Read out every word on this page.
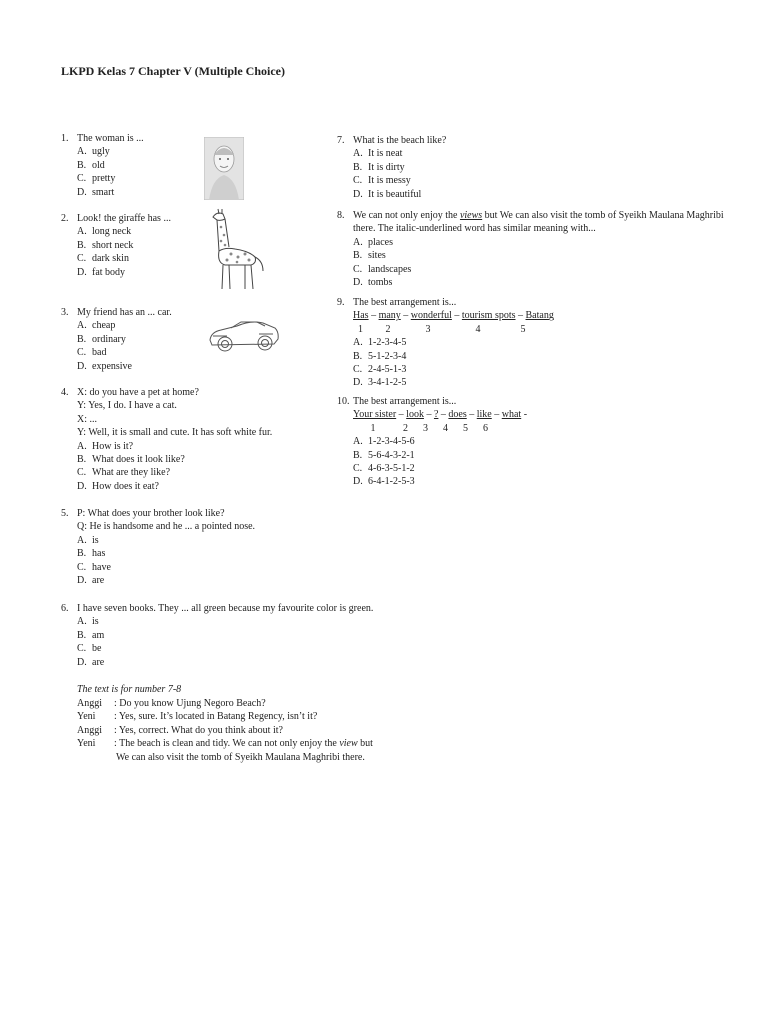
LKPD Kelas 7 Chapter V (Multiple Choice)
1. The woman is ...
A. ugly
B. old
C. pretty
D. smart
2. Look! the giraffe has ...
A. long neck
B. short neck
C. dark skin
D. fat body
3. My friend has an ... car.
A. cheap
B. ordinary
C. bad
D. expensive
4. X: do you have a pet at home?
Y: Yes, I do. I have a cat.
X: ...
Y: Well, it is small and cute. It has soft white fur.
A. How is it?
B. What does it look like?
C. What are they like?
D. How does it eat?
5. P: What does your brother look like?
Q: He is handsome and he ... a pointed nose.
A. is
B. has
C. have
D. are
6. I have seven books. They ... all green because my favourite color is green.
A. is
B. am
C. be
D. are
The text is for number 7-8
Anggi : Do you know Ujung Negoro Beach?
Yeni : Yes, sure. It’s located in Batang Regency, isn’t it?
Anggi : Yes, correct. What do you think about it?
Yeni : The beach is clean and tidy. We can not only enjoy the view but
We can also visit the tomb of Syeikh Maulana Maghribi there.
7. What is the beach like?
A. It is neat
B. It is dirty
C. It is messy
D. It is beautiful
8. We can not only enjoy the views but We can also visit the tomb of Syeikh Maulana Maghribi
there. The italic-underlined word has similar meaning with...
A. places
B. sites
C. landscapes
D. tombs
9. The best arrangement is...
Has – many – wonderful – tourism spots – Batang
1         2              3                  4                5
A. 1-2-3-4-5
B. 5-1-2-3-4
C. 2-4-5-1-3
D. 3-4-1-2-5
10. The best arrangement is...
Your sister – look – ? – does – like – what -
1           2      3      4      5      6
A. 1-2-3-4-5-6
B. 5-6-4-3-2-1
C. 4-6-3-5-1-2
D. 6-4-1-2-5-3
